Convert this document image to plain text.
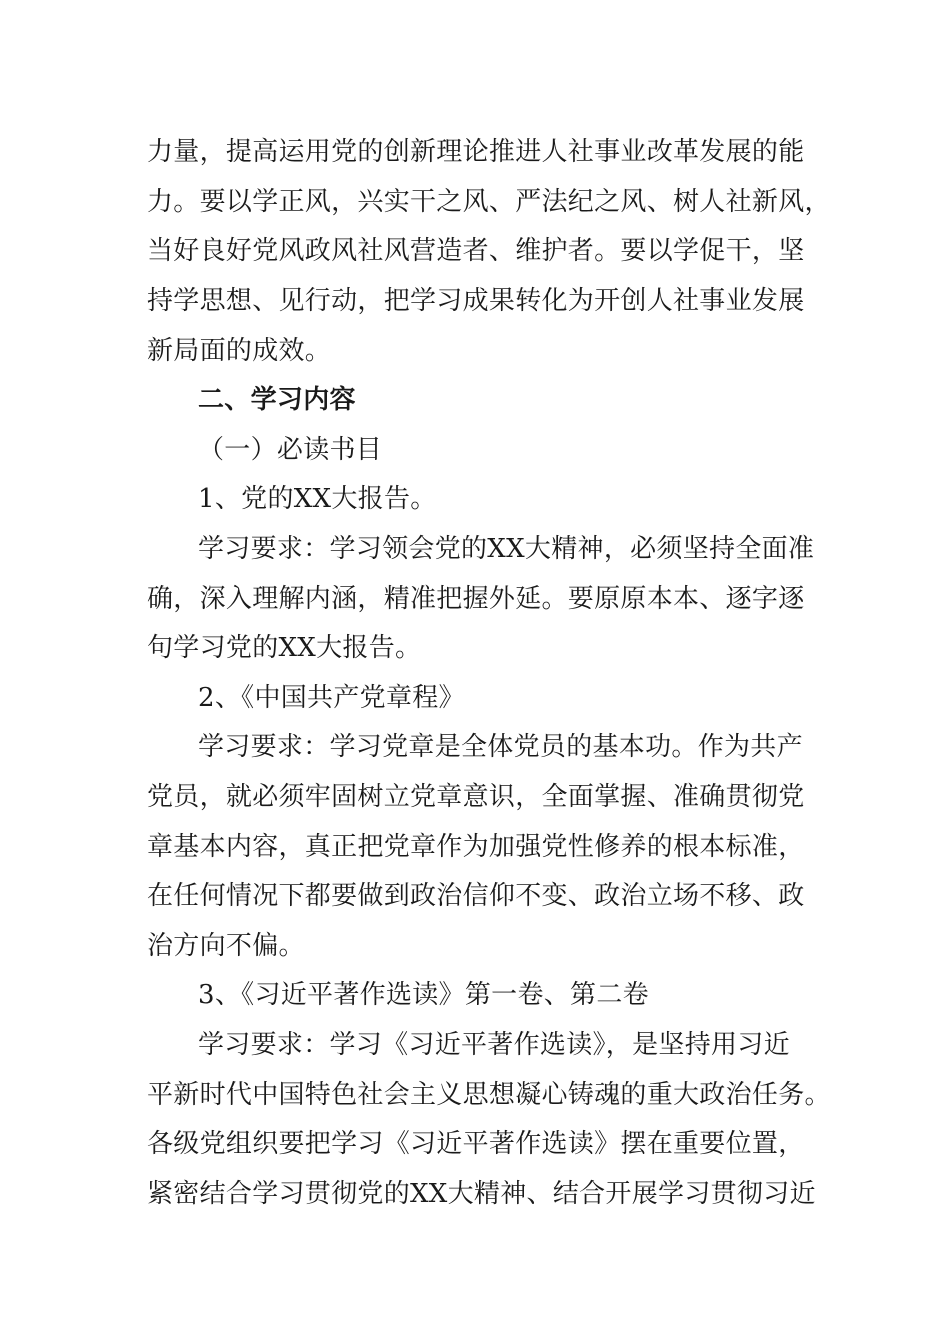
力量，提高运用党的创新理论推进人社事业改革发展的能
力。要以学正风，兴实干之风、严法纪之风、树人社新风，
当好良好党风政风社风营造者、维护者。要以学促干，坚
持学思想、见行动，把学习成果转化为开创人社事业发展
新局面的成效。
二、学习内容
（一）必读书目
1、党的XX大报告。
学习要求：学习领会党的XX大精神，必须坚持全面准
确，深入理解内涵，精准把握外延。要原原本本、逐字逐
句学习党的XX大报告。
2、《中国共产党章程》
学习要求：学习党章是全体党员的基本功。作为共产
党员，就必须牢固树立党章意识，全面掌握、准确贯彻党
章基本内容，真正把党章作为加强党性修养的根本标准，
在任何情况下都要做到政治信仰不变、政治立场不移、政
治方向不偏。
3、《习近平著作选读》第一卷、第二卷
学习要求：学习《习近平著作选读》，是坚持用习近
平新时代中国特色社会主义思想凝心铸魂的重大政治任务。
各级党组织要把学习《习近平著作选读》摆在重要位置，
紧密结合学习贯彻党的XX大精神、结合开展学习贯彻习近
